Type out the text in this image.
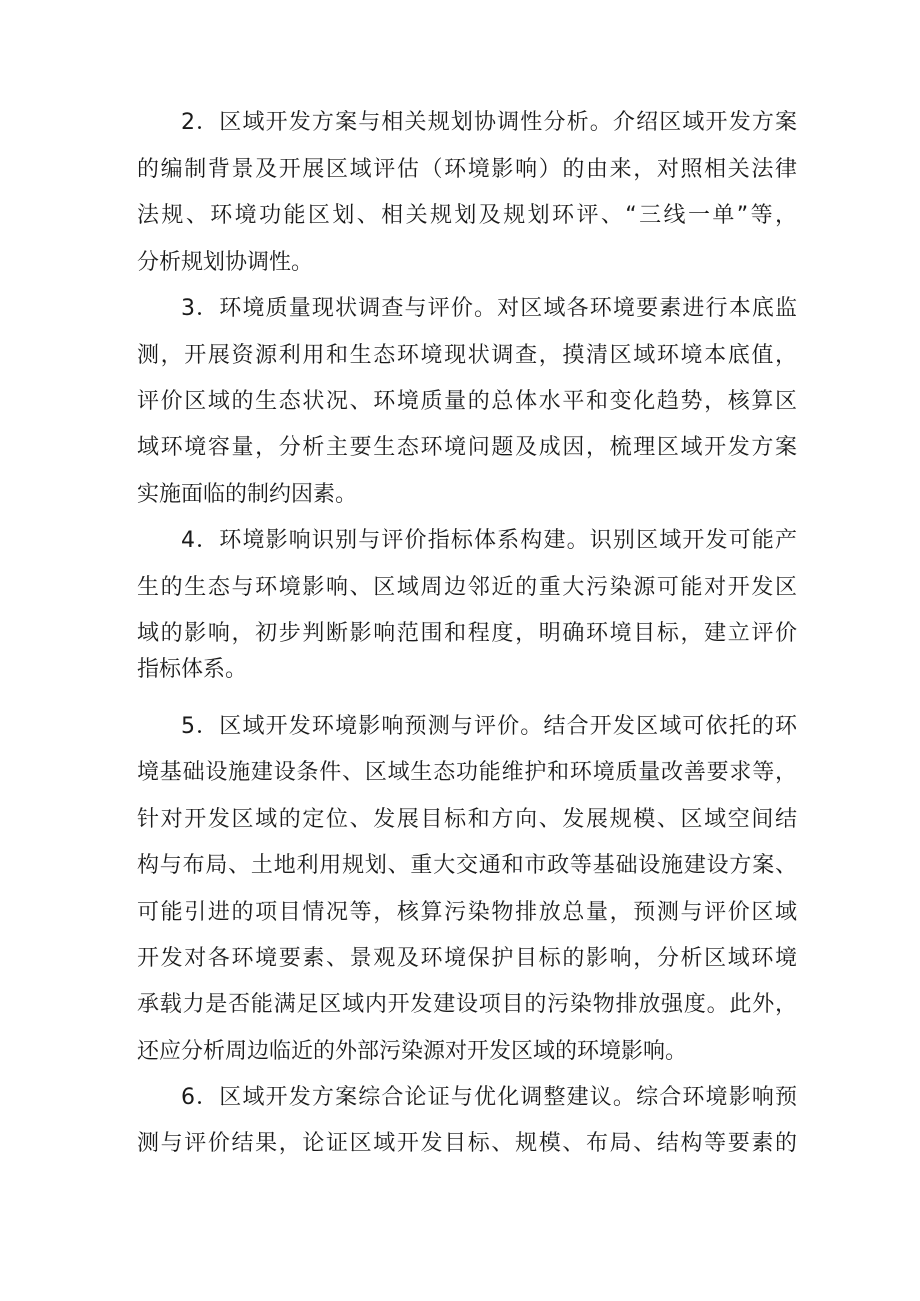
2．区域开发方案与相关规划协调性分析。介绍区域开发方案
的编制背景及开展区域评估（环境影响）的由来，对照相关法律
法规、环境功能区划、相关规划及规划环评、“三线一单”等，
分析规划协调性。
3．环境质量现状调查与评价。对区域各环境要素进行本底监
测，开展资源利用和生态环境现状调查，摸清区域环境本底值，
评价区域的生态状况、环境质量的总体水平和变化趋势，核算区
域环境容量，分析主要生态环境问题及成因，梳理区域开发方案
实施面临的制约因素。
4．环境影响识别与评价指标体系构建。识别区域开发可能产
生的生态与环境影响、区域周边邻近的重大污染源可能对开发区
域的影响，初步判断影响范围和程度，明确环境目标，建立评价
指标体系。
5．区域开发环境影响预测与评价。结合开发区域可依托的环
境基础设施建设条件、区域生态功能维护和环境质量改善要求等，
针对开发区域的定位、发展目标和方向、发展规模、区域空间结
构与布局、土地利用规划、重大交通和市政等基础设施建设方案、
可能引进的项目情况等，核算污染物排放总量，预测与评价区域
开发对各环境要素、景观及环境保护目标的影响，分析区域环境
承载力是否能满足区域内开发建设项目的污染物排放强度。此外，
还应分析周边临近的外部污染源对开发区域的环境影响。
6．区域开发方案综合论证与优化调整建议。综合环境影响预
测与评价结果，论证区域开发目标、规模、布局、结构等要素的
